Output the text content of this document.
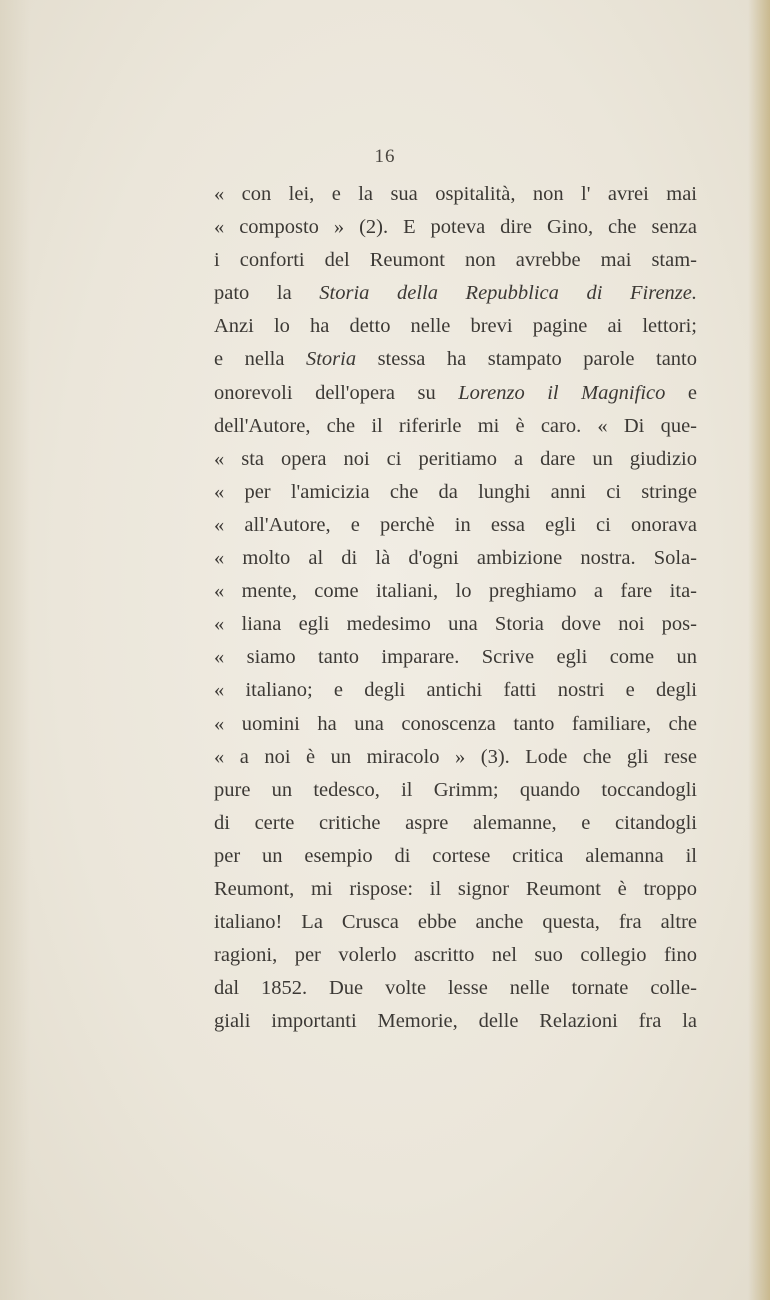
16
« con lei, e la sua ospitalità, non l' avrei mai
« composto » (2). E poteva dire Gino, che senza
i conforti del Reumont non avrebbe mai stam-
pato la Storia della Repubblica di Firenze.
Anzi lo ha detto nelle brevi pagine ai lettori;
e nella Storia stessa ha stampato parole tanto
onorevoli dell'opera su Lorenzo il Magnifico e
dell'Autore, che il riferirle mi è caro. « Di que-
« sta opera noi ci peritiamo a dare un giudizio
« per l'amicizia che da lunghi anni ci stringe
« all'Autore, e perchè in essa egli ci onorava
« molto al di là d'ogni ambizione nostra. Sola-
« mente, come italiani, lo preghiamo a fare ita-
« liana egli medesimo una Storia dove noi pos-
« siamo tanto imparare. Scrive egli come un
« italiano; e degli antichi fatti nostri e degli
« uomini ha una conoscenza tanto familiare, che
« a noi è un miracolo » (3). Lode che gli rese
pure un tedesco, il Grimm; quando toccandogli
di certe critiche aspre alemanne, e citandogli
per un esempio di cortese critica alemanna il
Reumont, mi rispose: il signor Reumont è troppo
italiano! La Crusca ebbe anche questa, fra altre
ragioni, per volerlo ascritto nel suo collegio fino
dal 1852. Due volte lesse nelle tornate colle-
giali importanti Memorie, delle Relazioni fra la
